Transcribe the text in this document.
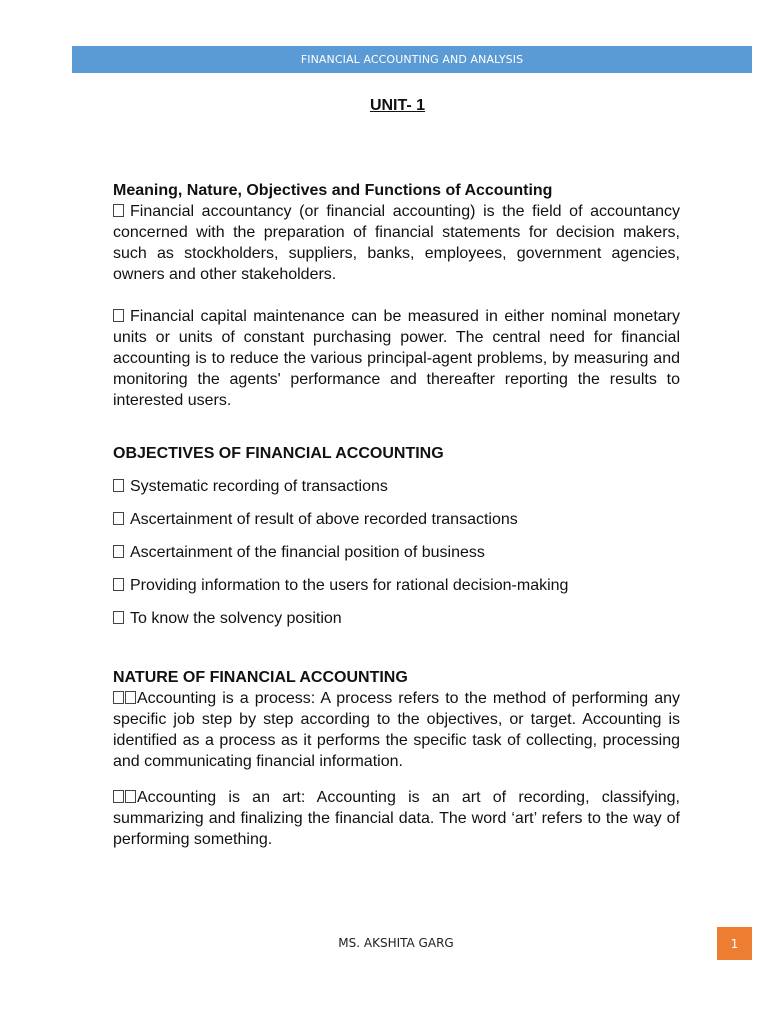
FINANCIAL ACCOUNTING AND ANALYSIS
UNIT- 1

Meaning, Nature, Objectives and Functions of Accounting

Financial accountancy (or financial accounting) is the field of accountancy concerned with the preparation of financial statements for decision makers, such as stockholders, suppliers, banks, employees, government agencies, owners and other stakeholders.

Financial capital maintenance can be measured in either nominal monetary units or units of constant purchasing power. The central need for financial accounting is to reduce the various principal-agent problems, by measuring and monitoring the agents' performance and thereafter reporting the results to interested users.

OBJECTIVES OF FINANCIAL ACCOUNTING

Systematic recording of transactions

Ascertainment of result of above recorded transactions

Ascertainment of the financial position of business

Providing information to the users for rational decision-making

To know the solvency position

NATURE OF FINANCIAL ACCOUNTING

Accounting is a process: A process refers to the method of performing any specific job step by step according to the objectives, or target. Accounting is identified as a process as it performs the specific task of collecting, processing and communicating financial information.

Accounting is an art: Accounting is an art of recording, classifying, summarizing and finalizing the financial data. The word ‘art’ refers to the way of performing something.

MS. AKSHITA GARG	1
